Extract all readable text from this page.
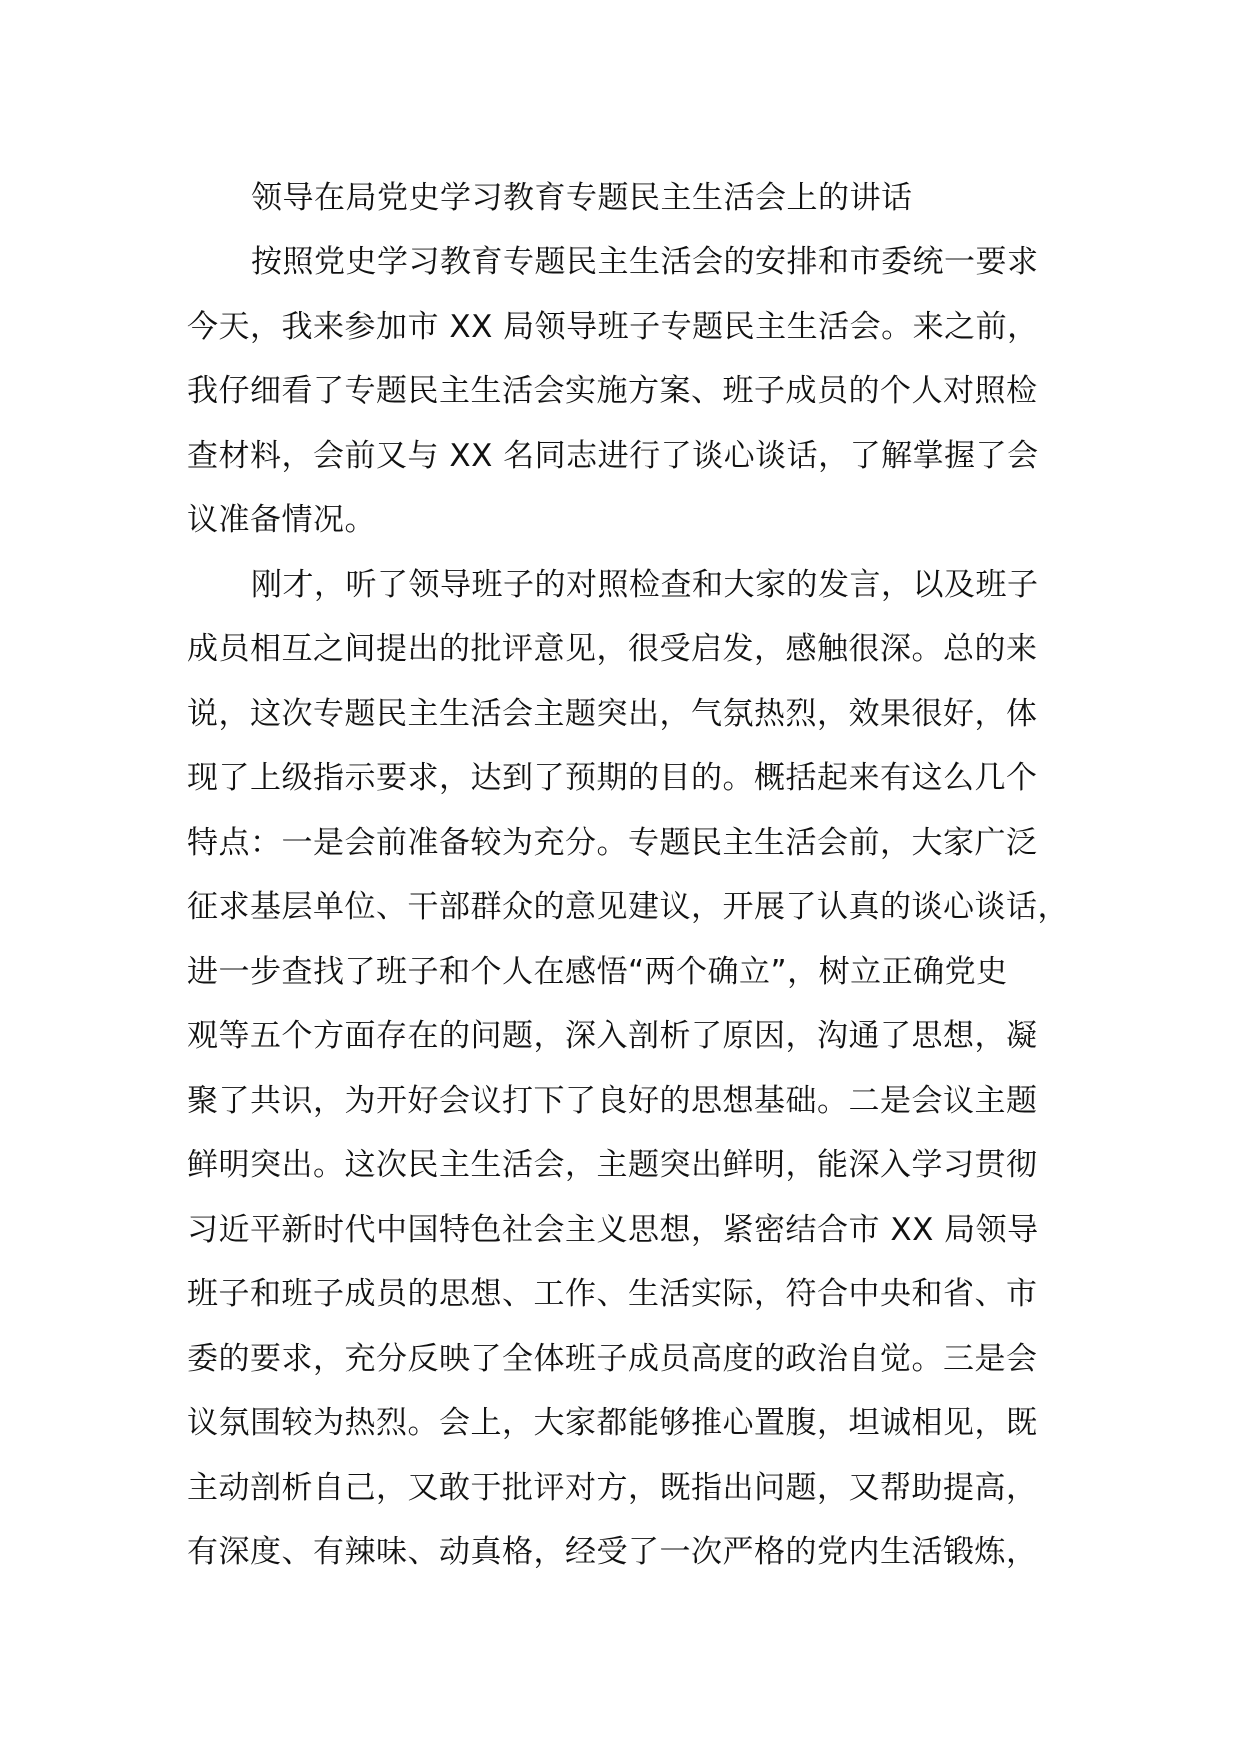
领导在局党史学习教育专题民主生活会上的讲话

按照党史学习教育专题民主生活会的安排和市委统一要求
今天，我来参加市 XX 局领导班子专题民主生活会。来之前，
我仔细看了专题民主生活会实施方案、班子成员的个人对照检
查材料，会前又与 XX 名同志进行了谈心谈话，了解掌握了会
议准备情况。

刚才，听了领导班子的对照检查和大家的发言，以及班子
成员相互之间提出的批评意见，很受启发，感触很深。总的来
说，这次专题民主生活会主题突出，气氛热烈，效果很好，体
现了上级指示要求，达到了预期的目的。概括起来有这么几个
特点：一是会前准备较为充分。专题民主生活会前，大家广泛
征求基层单位、干部群众的意见建议，开展了认真的谈心谈话，
进一步查找了班子和个人在感悟“两个确立”，树立正确党史
观等五个方面存在的问题，深入剖析了原因，沟通了思想，凝
聚了共识，为开好会议打下了良好的思想基础。二是会议主题
鲜明突出。这次民主生活会，主题突出鲜明，能深入学习贯彻
习近平新时代中国特色社会主义思想，紧密结合市 XX 局领导
班子和班子成员的思想、工作、生活实际，符合中央和省、市
委的要求，充分反映了全体班子成员高度的政治自觉。三是会
议氛围较为热烈。会上，大家都能够推心置腹，坦诚相见，既
主动剖析自己，又敢于批评对方，既指出问题，又帮助提高，
有深度、有辣味、动真格，经受了一次严格的党内生活锻炼，
